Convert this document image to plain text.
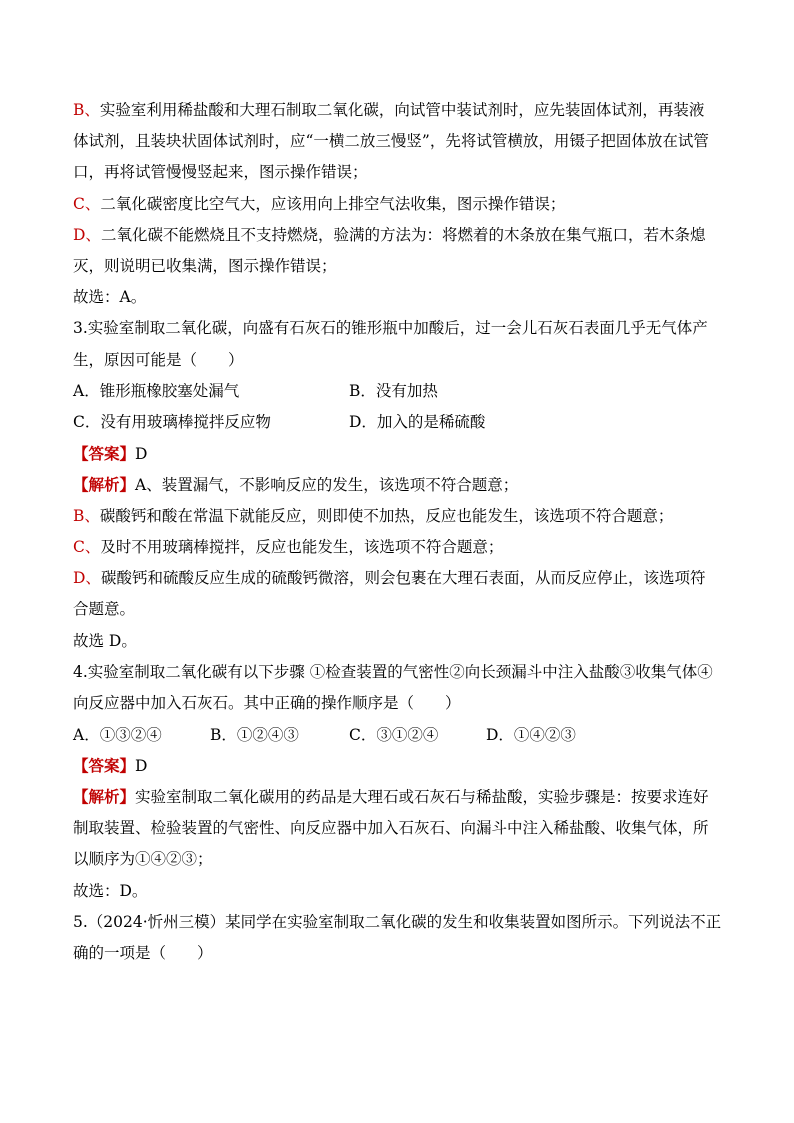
B、实验室利用稀盐酸和大理石制取二氧化碳，向试管中装试剂时，应先装固体试剂，再装液
体试剂，且装块状固体试剂时，应“一横二放三慢竖”，先将试管横放，用镊子把固体放在试管
口，再将试管慢慢竖起来，图示操作错误；
C、二氧化碳密度比空气大，应该用向上排空气法收集，图示操作错误；
D、二氧化碳不能燃烧且不支持燃烧，验满的方法为：将燃着的木条放在集气瓶口，若木条熄
灭，则说明已收集满，图示操作错误；
故选：A。
3.实验室制取二氧化碳，向盛有石灰石的锥形瓶中加酸后，过一会儿石灰石表面几乎无气体产
生，原因可能是（　　）
A．锥形瓶橡胶塞处漏气	B．没有加热
C．没有用玻璃棒搅拌反应物	D．加入的是稀硫酸
【答案】D
【解析】A、装置漏气，不影响反应的发生，该选项不符合题意；
B、碳酸钙和酸在常温下就能反应，则即使不加热，反应也能发生，该选项不符合题意；
C、及时不用玻璃棒搅拌，反应也能发生，该选项不符合题意；
D、碳酸钙和硫酸反应生成的硫酸钙微溶，则会包裹在大理石表面，从而反应停止，该选项符
合题意。
故选 D。
4.实验室制取二氧化碳有以下步骤 ①检查装置的气密性②向长颈漏斗中注入盐酸③收集气体④
向反应器中加入石灰石。其中正确的操作顺序是（　　）
A．①③②④	B．①②④③	C．③①②④	D．①④②③
【答案】D
【解析】实验室制取二氧化碳用的药品是大理石或石灰石与稀盐酸，实验步骤是：按要求连好
制取装置、检验装置的气密性、向反应器中加入石灰石、向漏斗中注入稀盐酸、收集气体，所
以顺序为①④②③；
故选：D。
5.（2024·忻州三模）某同学在实验室制取二氧化碳的发生和收集装置如图所示。下列说法不正
确的一项是（　　）
